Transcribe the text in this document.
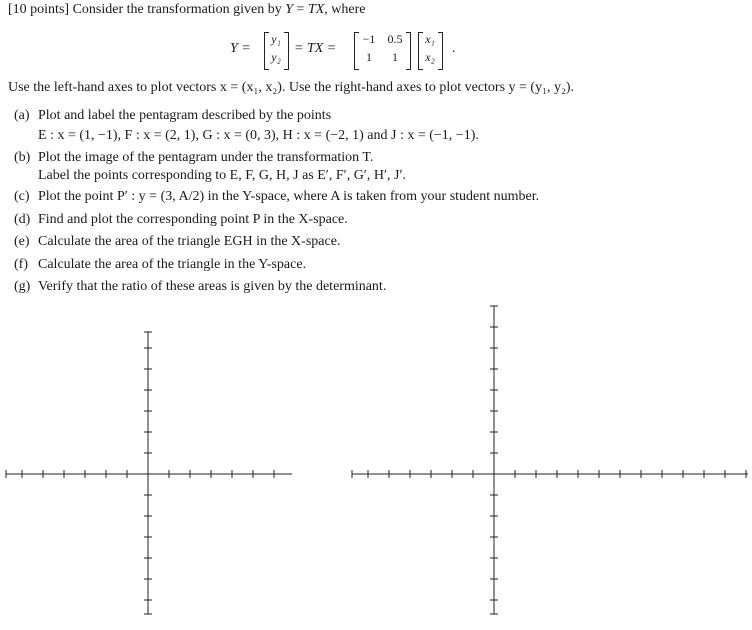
[10 points] Consider the transformation given by Y = TX, where
Y =
y₁
y₂
= TX =
−1	0.5
1	1
x₁
x₂
.
Use the left-hand axes to plot vectors x = (x₁, x₂). Use the right-hand axes to plot vectors y = (y₁, y₂).
(a) Plot and label the pentagram described by the points
E : x = (1, −1), F : x = (2, 1), G : x = (0, 3), H : x = (−2, 1) and J : x = (−1, −1).
(b) Plot the image of the pentagram under the transformation T.
Label the points corresponding to E, F, G, H, J as E′, F′, G′, H′, J′.
(c) Plot the point P′ : y = (3, A/2) in the Y-space, where A is taken from your student number.
(d) Find and plot the corresponding point P in the X-space.
(e) Calculate the area of the triangle EGH in the X-space.
(f) Calculate the area of the triangle in the Y-space.
(g) Verify that the ratio of these areas is given by the determinant.
